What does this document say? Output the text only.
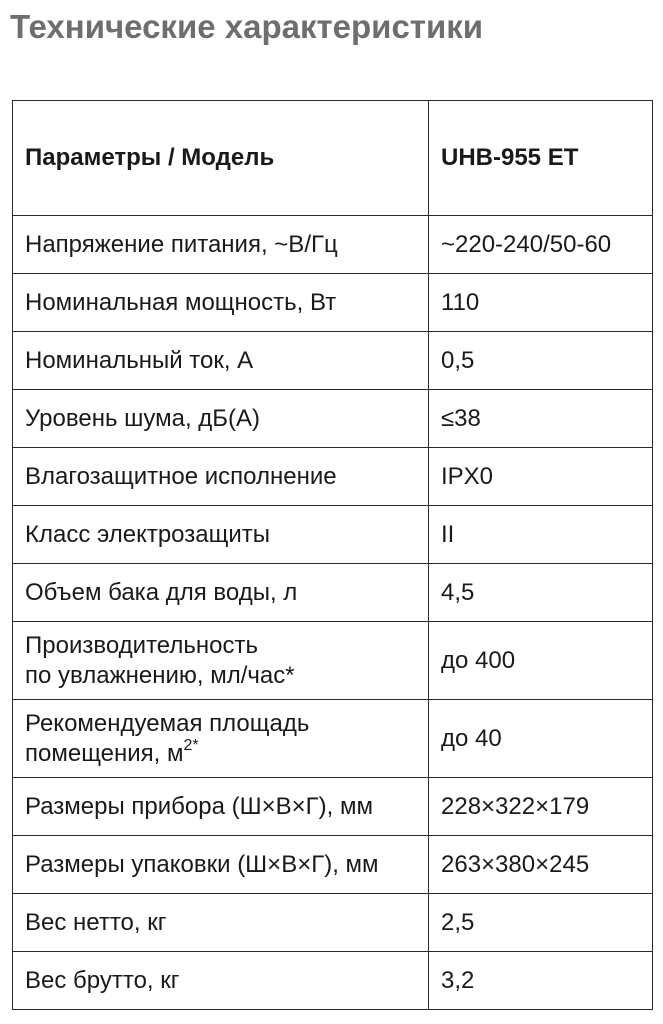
Технические характеристики
Параметры / Модель	UHB-955 ET
Напряжение питания, ~В/Гц	~220-240/50-60
Номинальная мощность, Вт	110
Номинальный ток, А	0,5
Уровень шума, дБ(А)	≤38
Влагозащитное исполнение	IPX0
Класс электрозащиты	II
Объем бака для воды, л	4,5

Производительность
по увлажнению, мл/час*	до 400

Рекомендуемая площадь
помещения, $м^{2*}$	до 40
Размеры прибора (Ш×В×Г), мм	228×322×179
Размеры упаковки (Ш×В×Г), мм	263×380×245
Вес нетто, кг	2,5
Вес брутто, кг	3,2
